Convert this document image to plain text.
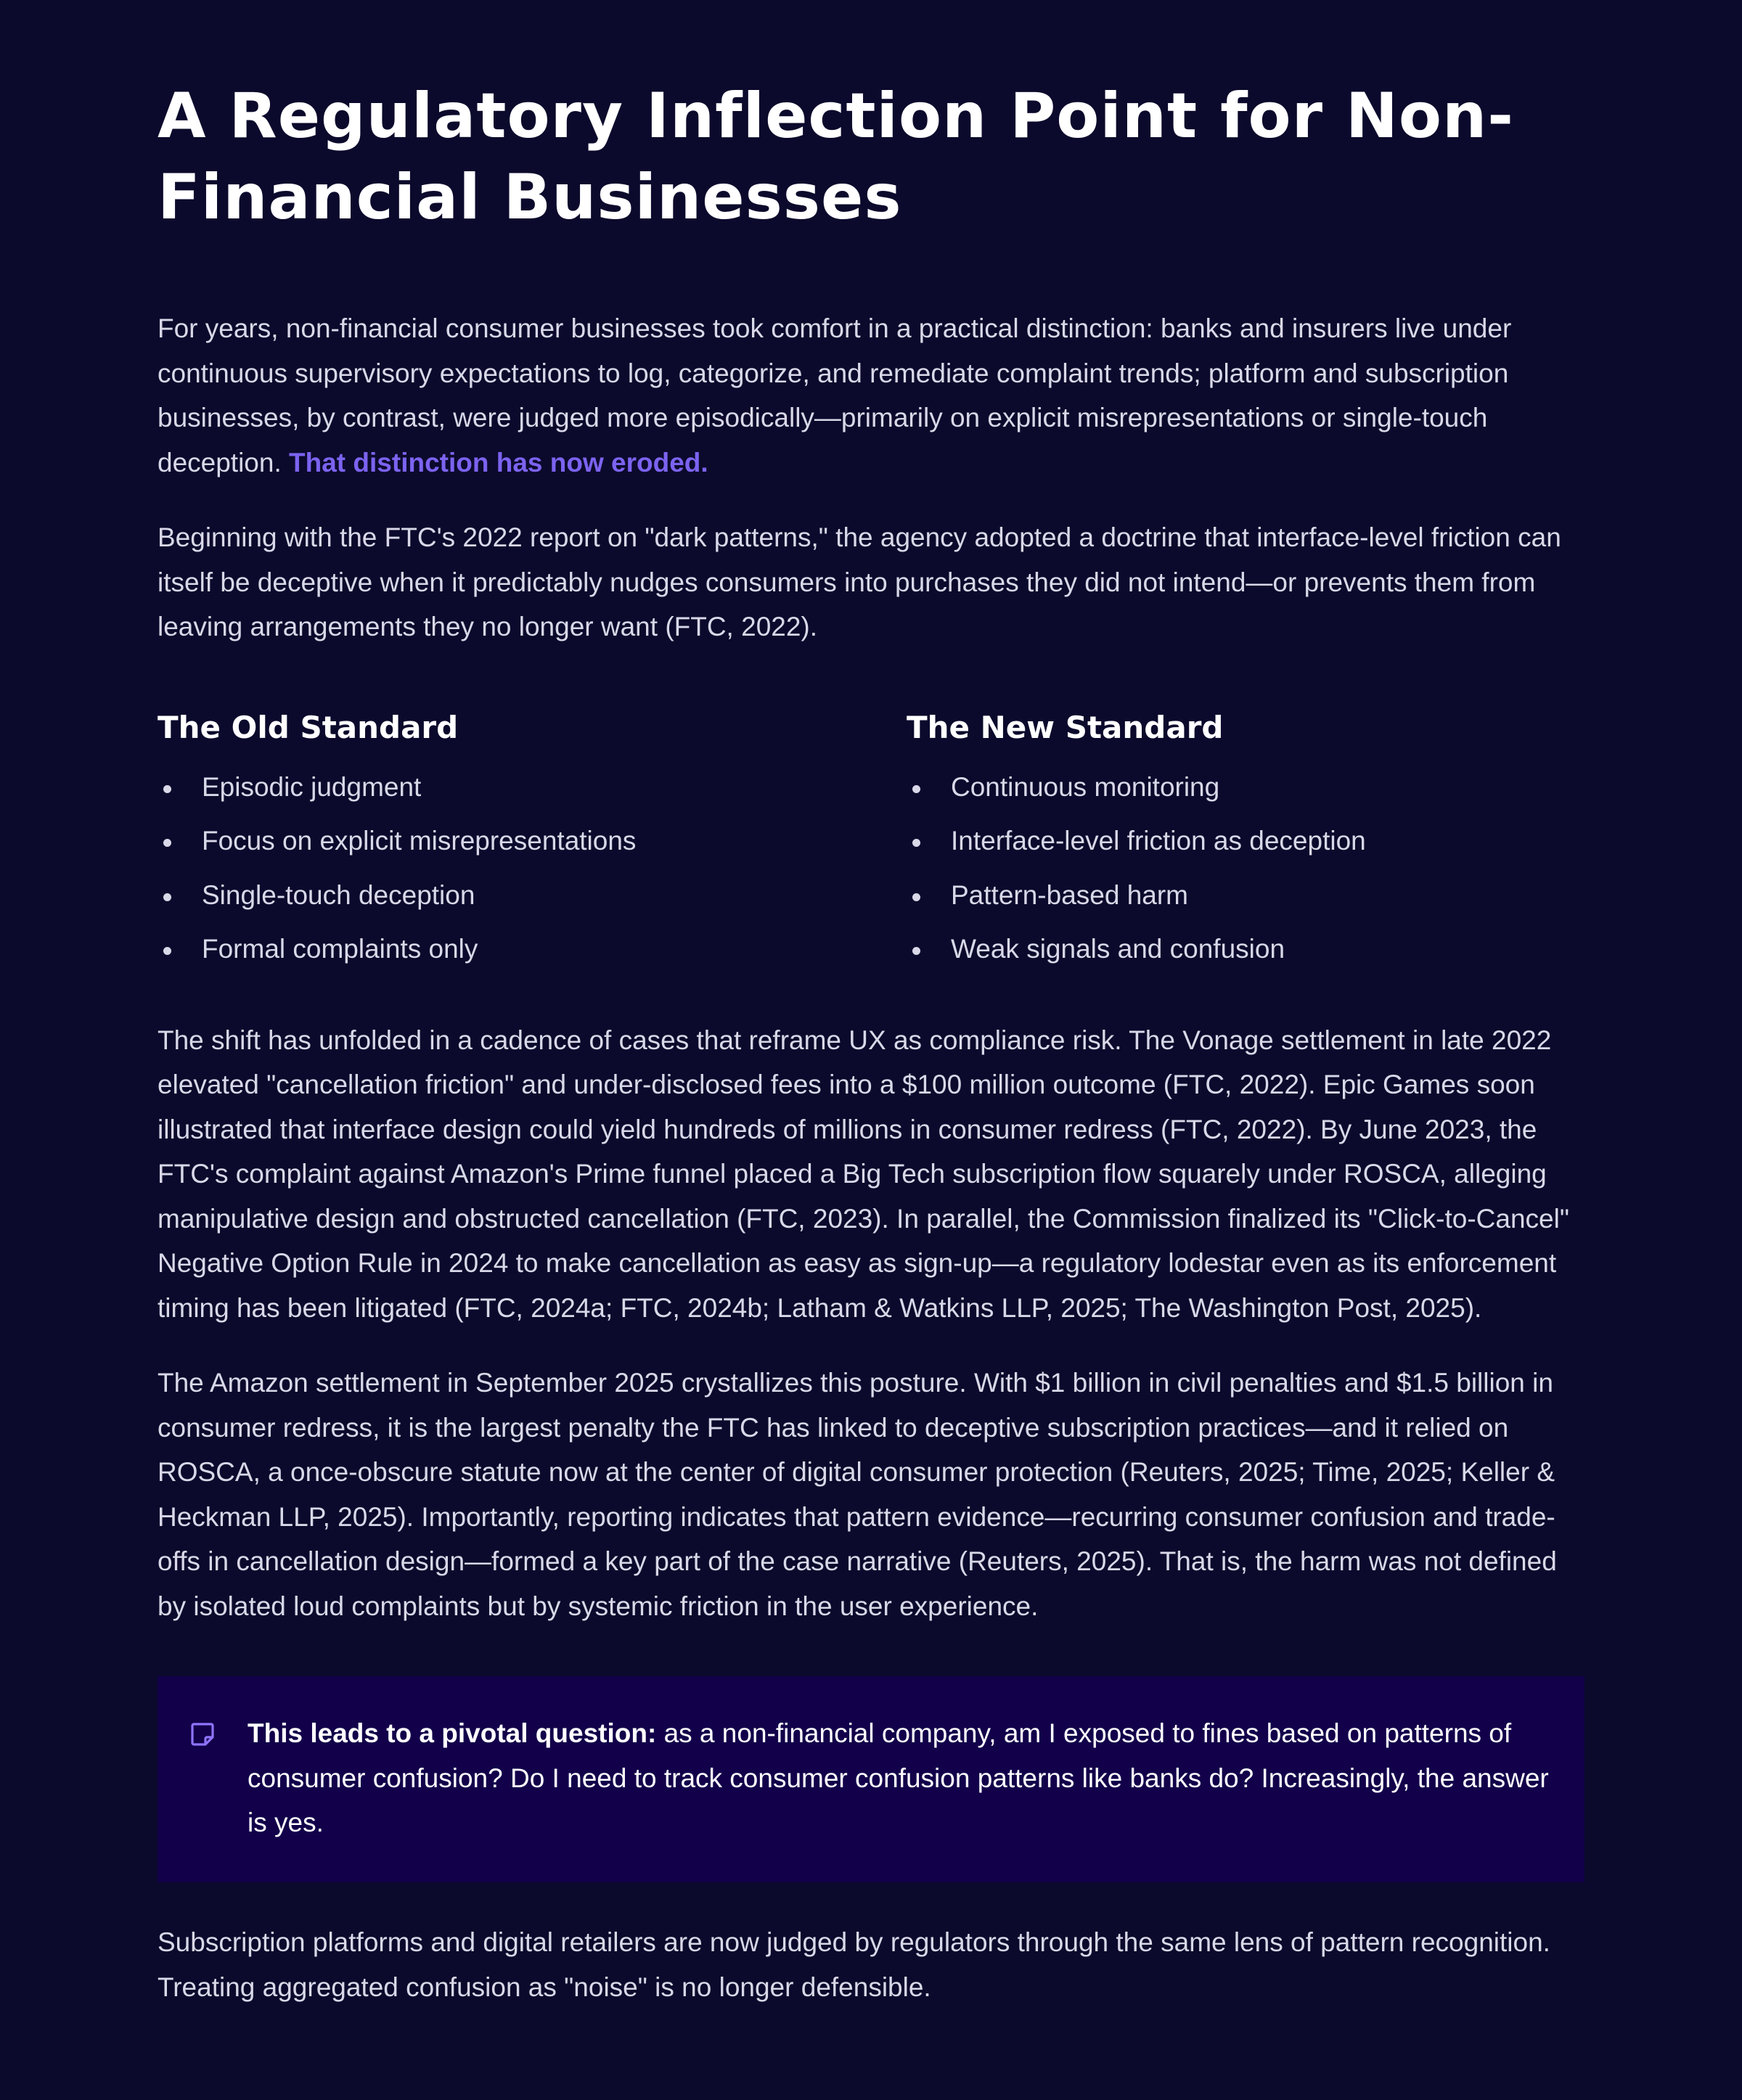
A Regulatory Inflection Point for Non-Financial Businesses

For years, non-financial consumer businesses took comfort in a practical distinction: banks and insurers live under continuous supervisory expectations to log, categorize, and remediate complaint trends; platform and subscription businesses, by contrast, were judged more episodically—primarily on explicit misrepresentations or single-touch deception. That distinction has now eroded.

Beginning with the FTC's 2022 report on "dark patterns," the agency adopted a doctrine that interface-level friction can itself be deceptive when it predictably nudges consumers into purchases they did not intend—or prevents them from leaving arrangements they no longer want (FTC, 2022).

The Old Standard
Episodic judgment
Focus on explicit misrepresentations
Single-touch deception
Formal complaints only
The New Standard
Continuous monitoring
Interface-level friction as deception
Pattern-based harm
Weak signals and confusion

The shift has unfolded in a cadence of cases that reframe UX as compliance risk. The Vonage settlement in late 2022 elevated "cancellation friction" and under-disclosed fees into a $100 million outcome (FTC, 2022). Epic Games soon illustrated that interface design could yield hundreds of millions in consumer redress (FTC, 2022). By June 2023, the FTC's complaint against Amazon's Prime funnel placed a Big Tech subscription flow squarely under ROSCA, alleging manipulative design and obstructed cancellation (FTC, 2023). In parallel, the Commission finalized its "Click-to-Cancel" Negative Option Rule in 2024 to make cancellation as easy as sign-up—a regulatory lodestar even as its enforcement timing has been litigated (FTC, 2024a; FTC, 2024b; Latham & Watkins LLP, 2025; The Washington Post, 2025).

The Amazon settlement in September 2025 crystallizes this posture. With $1 billion in civil penalties and $1.5 billion in consumer redress, it is the largest penalty the FTC has linked to deceptive subscription practices—and it relied on ROSCA, a once-obscure statute now at the center of digital consumer protection (Reuters, 2025; Time, 2025; Keller & Heckman LLP, 2025). Importantly, reporting indicates that pattern evidence—recurring consumer confusion and trade-offs in cancellation design—formed a key part of the case narrative (Reuters, 2025). That is, the harm was not defined by isolated loud complaints but by systemic friction in the user experience.

This leads to a pivotal question: as a non-financial company, am I exposed to fines based on patterns of consumer confusion? Do I need to track consumer confusion patterns like banks do? Increasingly, the answer is yes.

Subscription platforms and digital retailers are now judged by regulators through the same lens of pattern recognition. Treating aggregated confusion as "noise" is no longer defensible.
